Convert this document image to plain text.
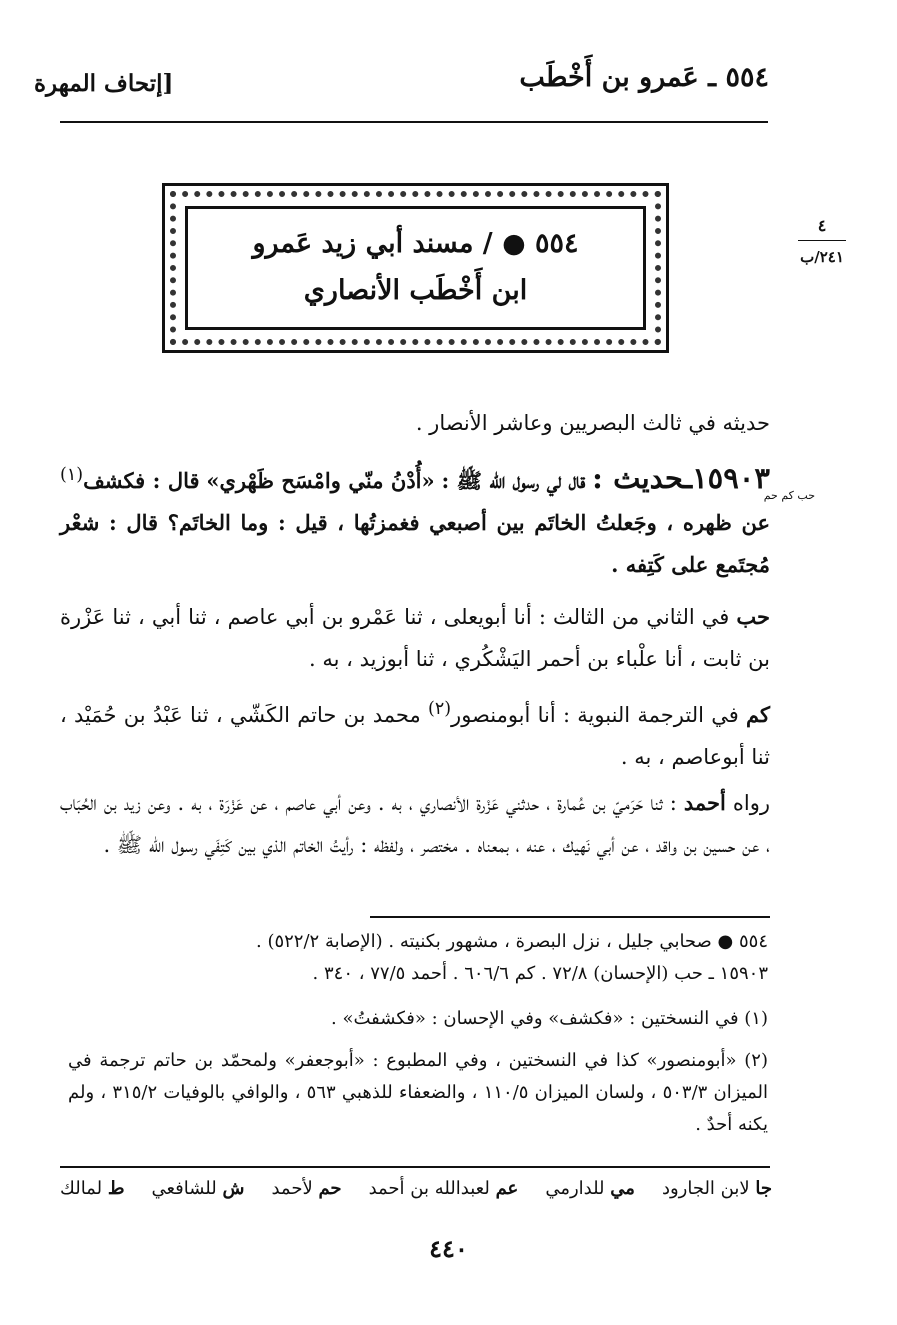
٥٥٤ ـ عَمرو بن أَخْطَب
[إتحاف المهرة
٤
٢٤١/ب
٥٥٤ ● / مسند أبي زيد عَمرو
ابن أَخْطَب الأنصاري
حديثه في ثالث البصريين وعاشر الأنصار .
١٥٩٠٣ـحديث : قال لي رسول الله ﷺ : «أُدْنُ منّي وامْسَح ظَهْري» قال : فكشف$^{(١)}$ عن ظهره ، وجَعلتُ الخاتَم بين أصبعي فغمزتُها ، قيل : وما الخاتَم؟ قال : شعْر مُجتَمع على كَتِفه .
حب كم حم
حب في الثاني من الثالث : أنا أبويعلى ، ثنا عَمْرو بن أبي عاصم ، ثنا أبي ، ثنا عَزْرة بن ثابت ، أنا علْباء بن أحمر اليَشْكُري ، ثنا أبوزيد ، به .
كم في الترجمة النبوية : أنا أبومنصور$^{(٢)}$ محمد بن حاتم الكَشّي ، ثنا عَبْدُ بن حُمَيْد ، ثنا أبوعاصم ، به .
رواه أحمد : ثنا حَرَميّ بن عُمارة ، حدثني عَزْرة الأنصاري ، به . وعن أبي عاصم ، عن عَزْرَة ، به . وعن زيد بن الحُبَاب ، عن حسين بن واقد ، عن أبي نَهيك ، عنه ، بمعناه . مختصر ، ولفظه : رأيتُ الخاتم الذي بين كَتِفَي رسول الله ﷺ .
٥٥٤ ● صحابي جليل ، نزل البصرة ، مشهور بكنيته . (الإصابة ٥٢٢/٢) .
١٥٩٠٣ ـ حب (الإحسان) ٧٢/٨ . كم ٦٠٦/٦ . أحمد ٧٧/٥ ، ٣٤٠ .
(١) في النسختين : «فكشف» وفي الإحسان : «فكشفتُ» .
(٢) «أبومنصور» كذا في النسختين ، وفي المطبوع : «أبوجعفر» ولمحمّد بن حاتم ترجمة في الميزان ٥٠٣/٣ ، ولسان الميزان ١١٠/٥ ، والضعفاء للذهبي ٥٦٣ ، والوافي بالوفيات ٣١٥/٢ ، ولم يكنه أحدٌ .
ط لمالك	ش للشافعي	حم لأحمد	عم لعبدالله بن أحمد	مي للدارمي	جا لابن الجارود
٤٤٠
